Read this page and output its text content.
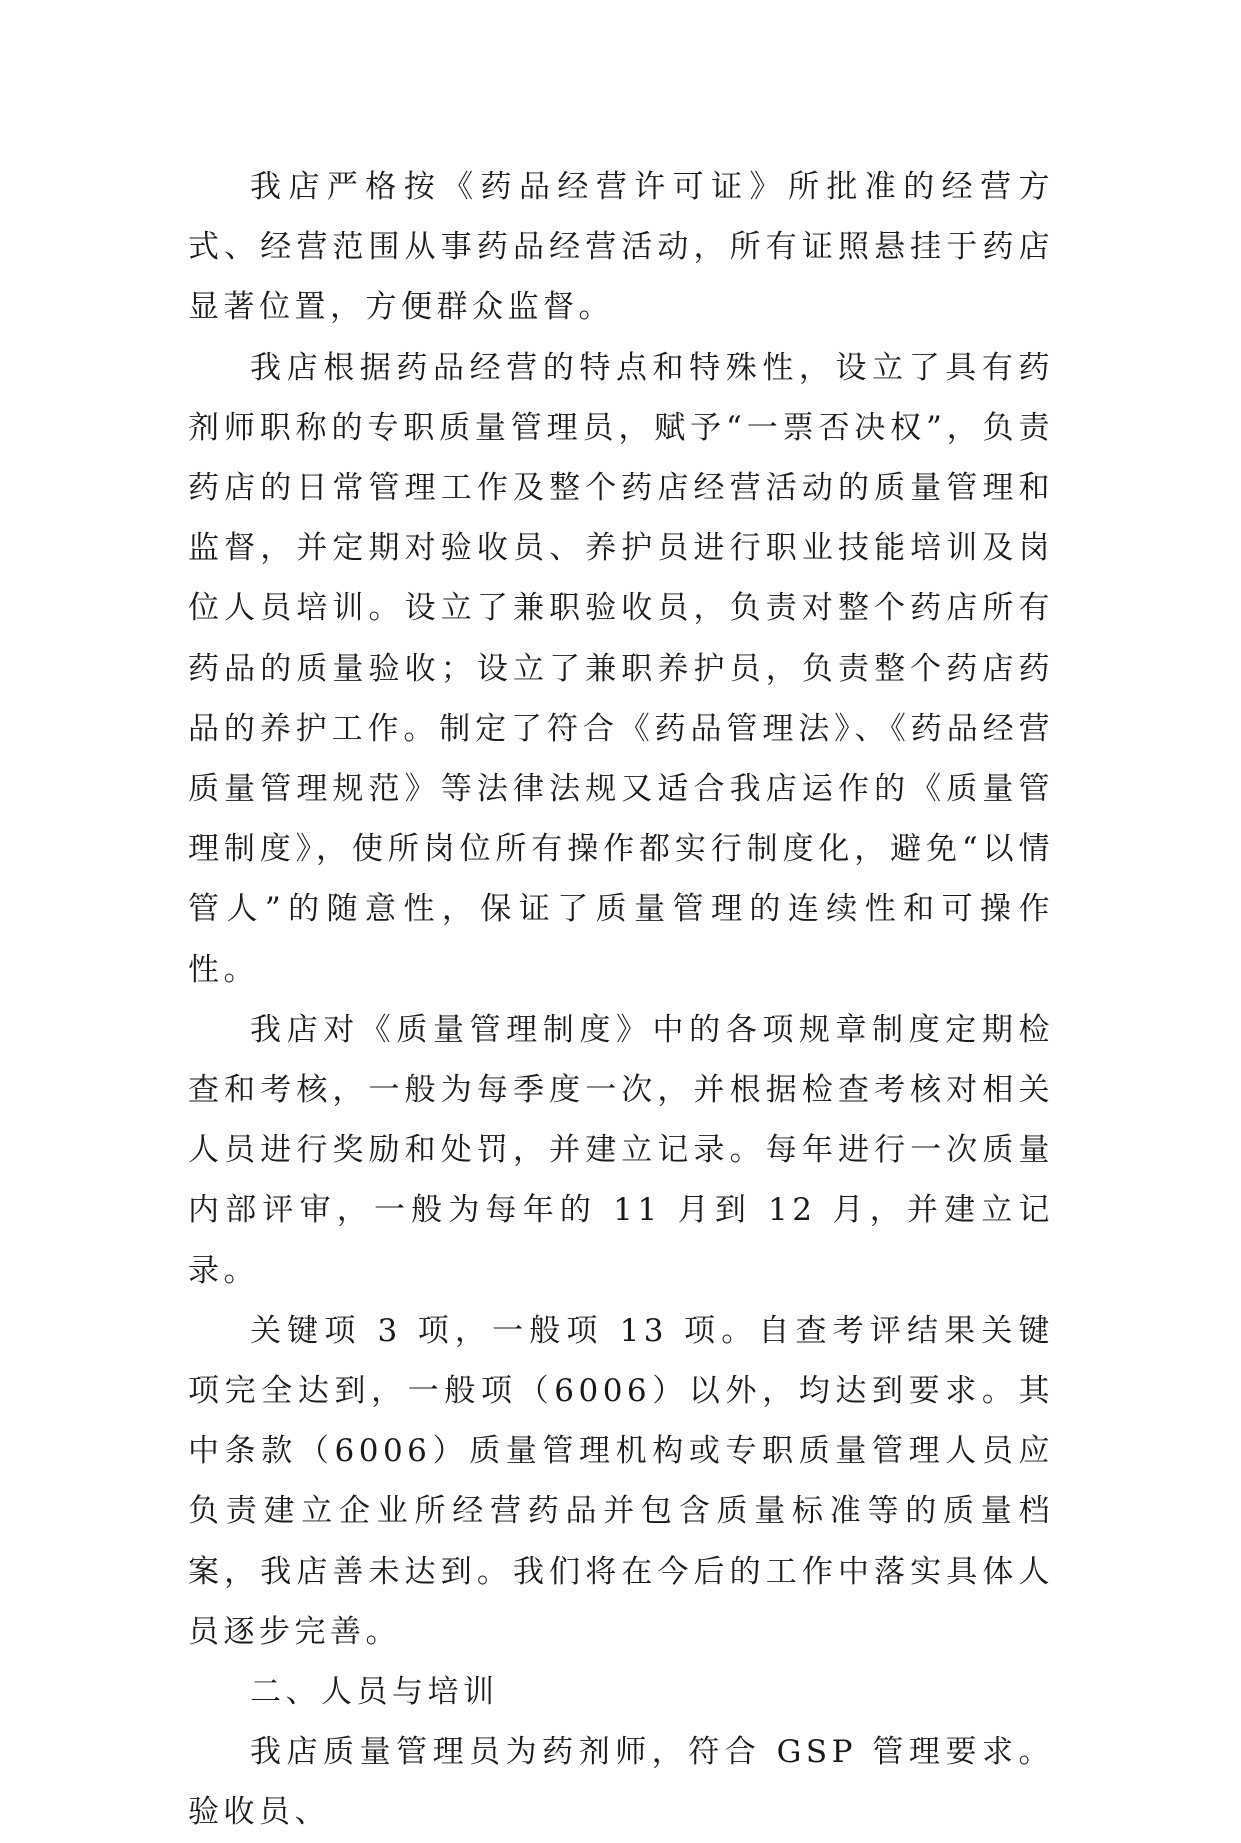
我店严格按《药品经营许可证》所批准的经营方式、经营范围从事药品经营活动，所有证照悬挂于药店显著位置，方便群众监督。

我店根据药品经营的特点和特殊性，设立了具有药剂师职称的专职质量管理员，赋予“一票否决权”，负责药店的日常管理工作及整个药店经营活动的质量管理和监督，并定期对验收员、养护员进行职业技能培训及岗位人员培训。设立了兼职验收员，负责对整个药店所有药品的质量验收；设立了兼职养护员，负责整个药店药品的养护工作。制定了符合《药品管理法》、《药品经营质量管理规范》等法律法规又适合我店运作的《质量管理制度》，使所岗位所有操作都实行制度化，避免“以情管人”的随意性，保证了质量管理的连续性和可操作性。

我店对《质量管理制度》中的各项规章制度定期检查和考核，一般为每季度一次，并根据检查考核对相关人员进行奖励和处罚，并建立记录。每年进行一次质量内部评审，一般为每年的 11 月到 12 月，并建立记录。

关键项 3 项，一般项 13 项。自查考评结果关键项完全达到，一般项（6006）以外，均达到要求。其中条款（6006）质量管理机构或专职质量管理人员应负责建立企业所经营药品并包含质量标准等的质量档案，我店善未达到。我们将在今后的工作中落实具体人员逐步完善。

二、人员与培训

我店质量管理员为药剂师，符合 GSP 管理要求。验收员、
